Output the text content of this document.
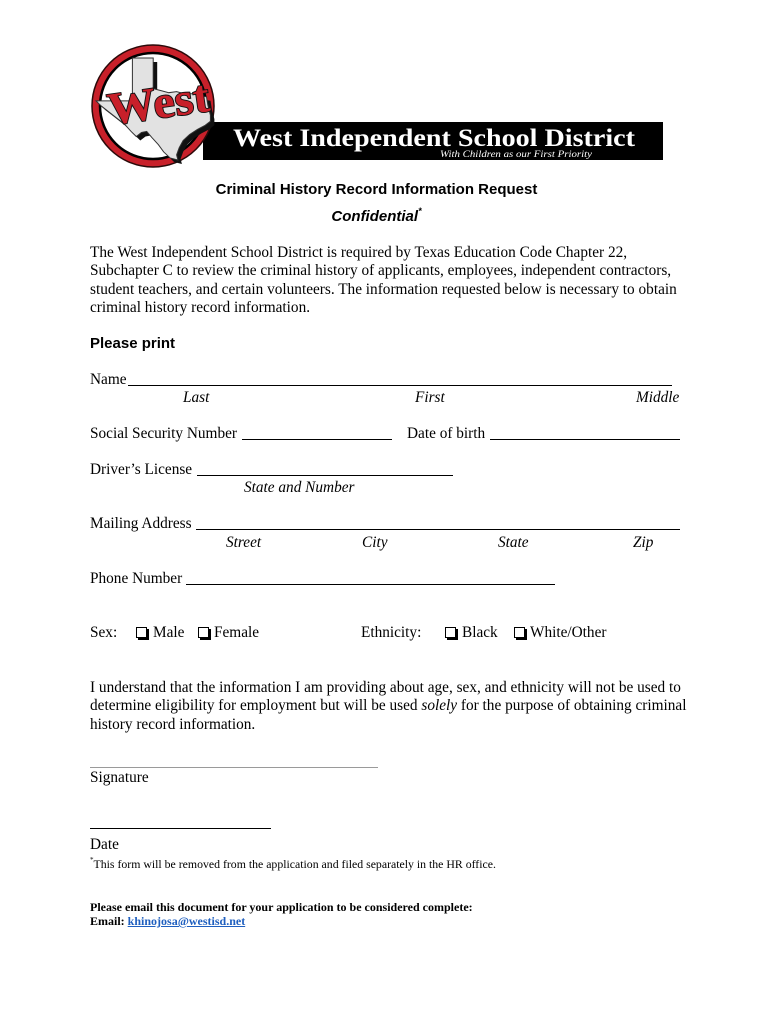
West Independent School District
With Children as our First Priority
West
Criminal History Record Information Request
Confidential*
The West Independent School District is required by Texas Education Code Chapter 22,
Subchapter C to review the criminal history of applicants, employees, independent contractors,
student teachers, and certain volunteers. The information requested below is necessary to obtain
criminal history record information.
Please print
Name
Last	First	Middle
Social Security Number	Date of birth
Driver’s License
State and Number
Mailing Address
Street	City	State	Zip
Phone Number
Sex: Male Female	Ethnicity:	Black White/Other
I understand that the information I am providing about age, sex, and ethnicity will not be used to
determine eligibility for employment but will be used solely for the purpose of obtaining criminal
history record information.
Signature
Date
*This form will be removed from the application and filed separately in the HR office.
Please email this document for your application to be considered complete:
Email: khinojosa@westisd.net
